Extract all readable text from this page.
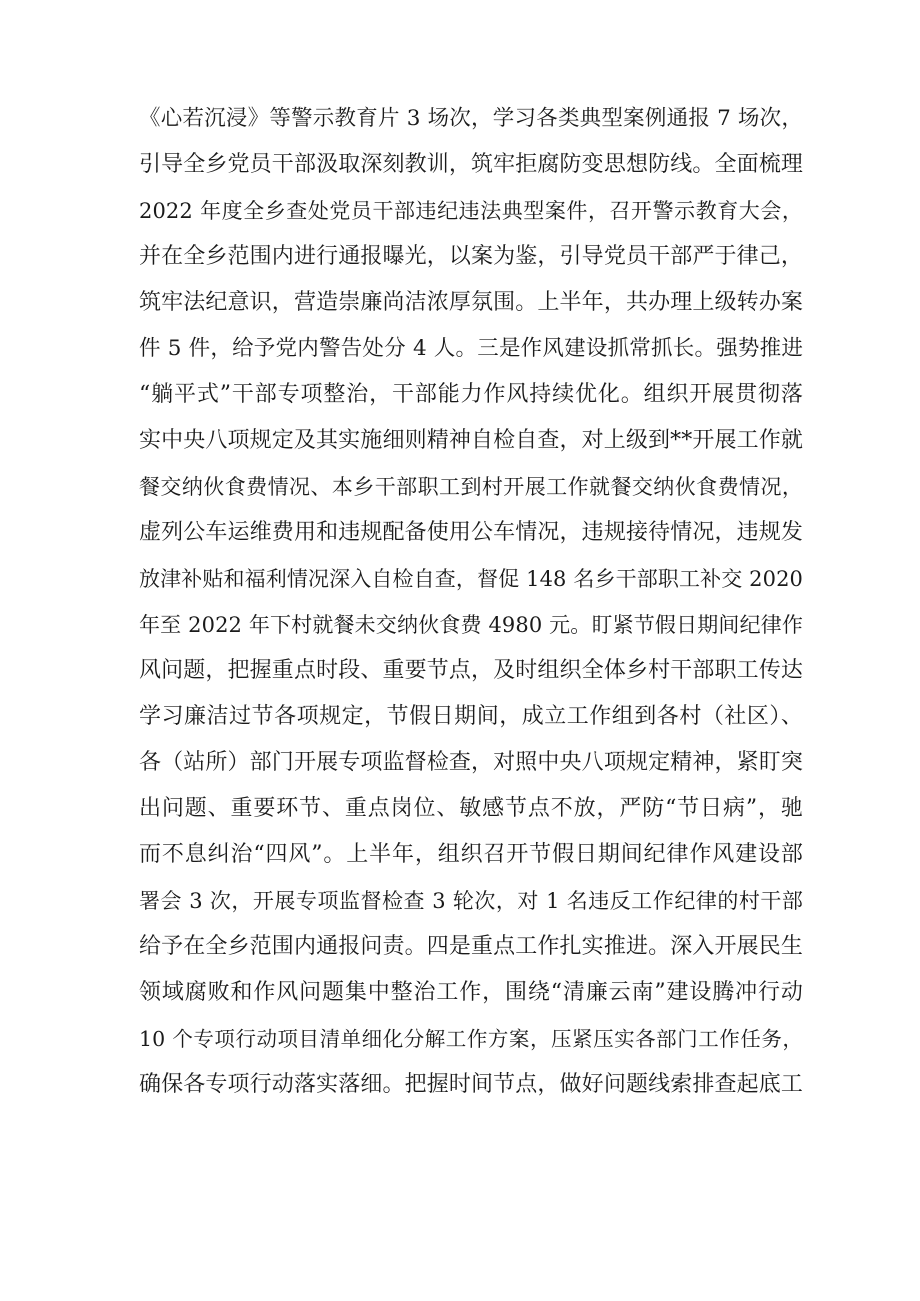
《心若沉浸》等警示教育片 3 场次，学习各类典型案例通报 7 场次，
引导全乡党员干部汲取深刻教训，筑牢拒腐防变思想防线。全面梳理
2022 年度全乡查处党员干部违纪违法典型案件，召开警示教育大会，
并在全乡范围内进行通报曝光，以案为鉴，引导党员干部严于律己，
筑牢法纪意识，营造崇廉尚洁浓厚氛围。上半年，共办理上级转办案
件 5 件，给予党内警告处分 4 人。三是作风建设抓常抓长。强势推进
“躺平式”干部专项整治，干部能力作风持续优化。组织开展贯彻落
实中央八项规定及其实施细则精神自检自查，对上级到**开展工作就
餐交纳伙食费情况、本乡干部职工到村开展工作就餐交纳伙食费情况，
虚列公车运维费用和违规配备使用公车情况，违规接待情况，违规发
放津补贴和福利情况深入自检自查，督促 148 名乡干部职工补交 2020
年至 2022 年下村就餐未交纳伙食费 4980 元。盯紧节假日期间纪律作
风问题，把握重点时段、重要节点，及时组织全体乡村干部职工传达
学习廉洁过节各项规定，节假日期间，成立工作组到各村（社区）、
各（站所）部门开展专项监督检查，对照中央八项规定精神，紧盯突
出问题、重要环节、重点岗位、敏感节点不放，严防“节日病”，驰
而不息纠治“四风”。上半年，组织召开节假日期间纪律作风建设部
署会 3 次，开展专项监督检查 3 轮次，对 1 名违反工作纪律的村干部
给予在全乡范围内通报问责。四是重点工作扎实推进。深入开展民生
领域腐败和作风问题集中整治工作，围绕“清廉云南”建设腾冲行动
10 个专项行动项目清单细化分解工作方案，压紧压实各部门工作任务，
确保各专项行动落实落细。把握时间节点，做好问题线索排查起底工
